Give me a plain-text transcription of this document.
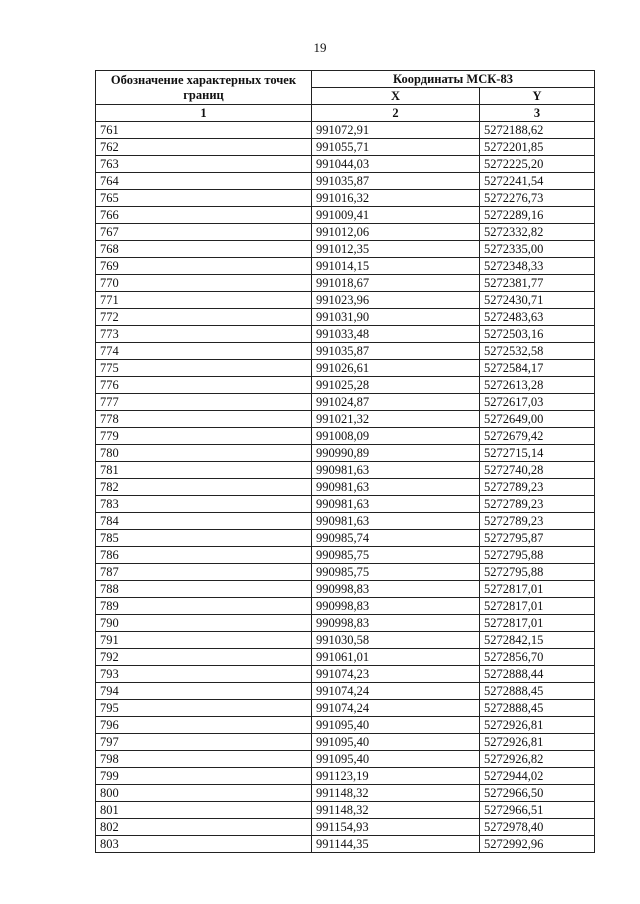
19
Обозначение характерных точек границ	Координаты МСК-83	
	X	Y
1	2	3
761	991072,91	5272188,62
762	991055,71	5272201,85
763	991044,03	5272225,20
764	991035,87	5272241,54
765	991016,32	5272276,73
766	991009,41	5272289,16
767	991012,06	5272332,82
768	991012,35	5272335,00
769	991014,15	5272348,33
770	991018,67	5272381,77
771	991023,96	5272430,71
772	991031,90	5272483,63
773	991033,48	5272503,16
774	991035,87	5272532,58
775	991026,61	5272584,17
776	991025,28	5272613,28
777	991024,87	5272617,03
778	991021,32	5272649,00
779	991008,09	5272679,42
780	990990,89	5272715,14
781	990981,63	5272740,28
782	990981,63	5272789,23
783	990981,63	5272789,23
784	990981,63	5272789,23
785	990985,74	5272795,87
786	990985,75	5272795,88
787	990985,75	5272795,88
788	990998,83	5272817,01
789	990998,83	5272817,01
790	990998,83	5272817,01
791	991030,58	5272842,15
792	991061,01	5272856,70
793	991074,23	5272888,44
794	991074,24	5272888,45
795	991074,24	5272888,45
796	991095,40	5272926,81
797	991095,40	5272926,81
798	991095,40	5272926,82
799	991123,19	5272944,02
800	991148,32	5272966,50
801	991148,32	5272966,51
802	991154,93	5272978,40
803	991144,35	5272992,96
